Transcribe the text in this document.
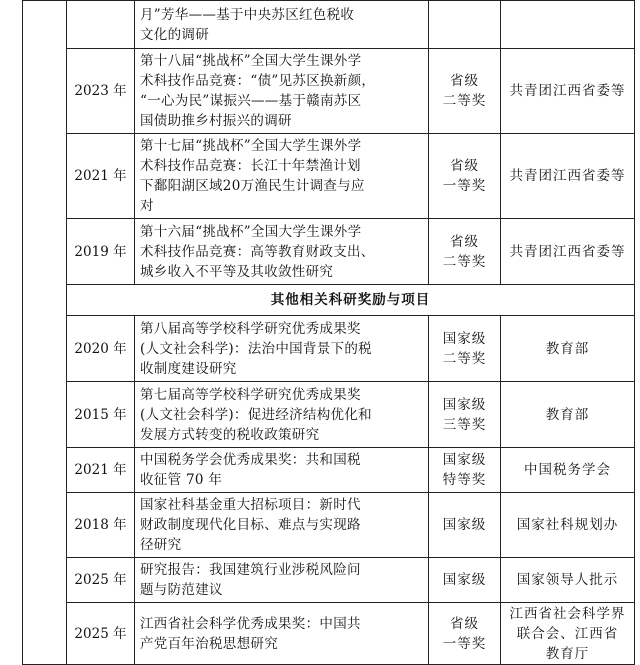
		月”芳华——基于中央苏区红色税收
文化的调研		

	2023 年	第十八届“挑战杯”全国大学生课外学
术科技作品竞赛：“债”见苏区换新颜，
“一心为民”谋振兴——基于赣南苏区
国债助推乡村振兴的调研	省级
二等奖	共青团江西省委等

	2021 年	第十七届“挑战杯”全国大学生课外学
术科技作品竞赛：长江十年禁渔计划
下鄱阳湖区域20万渔民生计调查与应
对	省级
一等奖	共青团江西省委等

	2019 年	第十六届“挑战杯”全国大学生课外学
术科技作品竞赛：高等教育财政支出、
城乡收入不平等及其收敛性研究	省级
二等奖	共青团江西省委等

	其他相关科研奖励与项目			
	2020 年	第八届高等学校科学研究优秀成果奖
(人文社会科学)：法治中国背景下的税
收制度建设研究	国家级
二等奖	教育部

	2015 年	第七届高等学校科学研究优秀成果奖
(人文社会科学)：促进经济结构优化和
发展方式转变的税收政策研究	国家级
三等奖	教育部

	2021 年	中国税务学会优秀成果奖：共和国税
收征管 70 年	国家级
特等奖	中国税务学会

	2018 年	国家社科基金重大招标项目：新时代
财政制度现代化目标、难点与实现路
径研究	国家级	国家社科规划办

	2025 年	研究报告：我国建筑行业涉税风险问
题与防范建议	国家级	国家领导人批示

	2025 年	江西省社会科学优秀成果奖：中国共
产党百年治税思想研究	省级
一等奖	江西省社会科学界
联合会、江西省
教育厅
